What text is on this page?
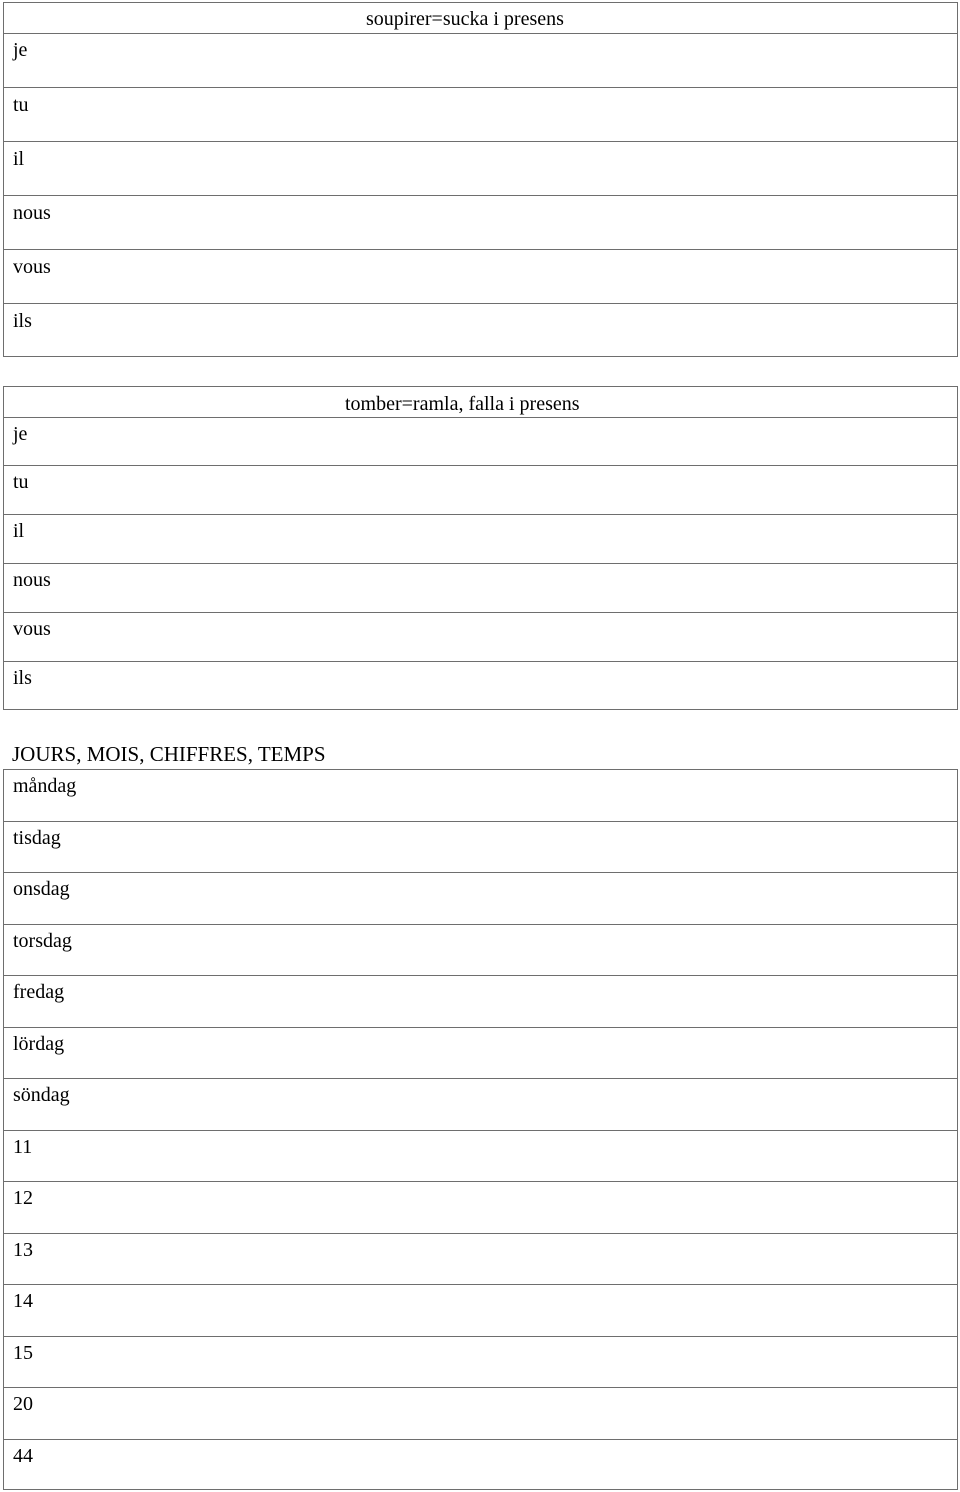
soupirer=sucka i presens
je
tu
il
nous
vous
ils
tomber=ramla, falla i presens
je
tu
il
nous
vous
ils
JOURS, MOIS, CHIFFRES, TEMPS
måndag
tisdag
onsdag
torsdag
fredag
lördag
söndag
11
12
13
14
15
20
44
